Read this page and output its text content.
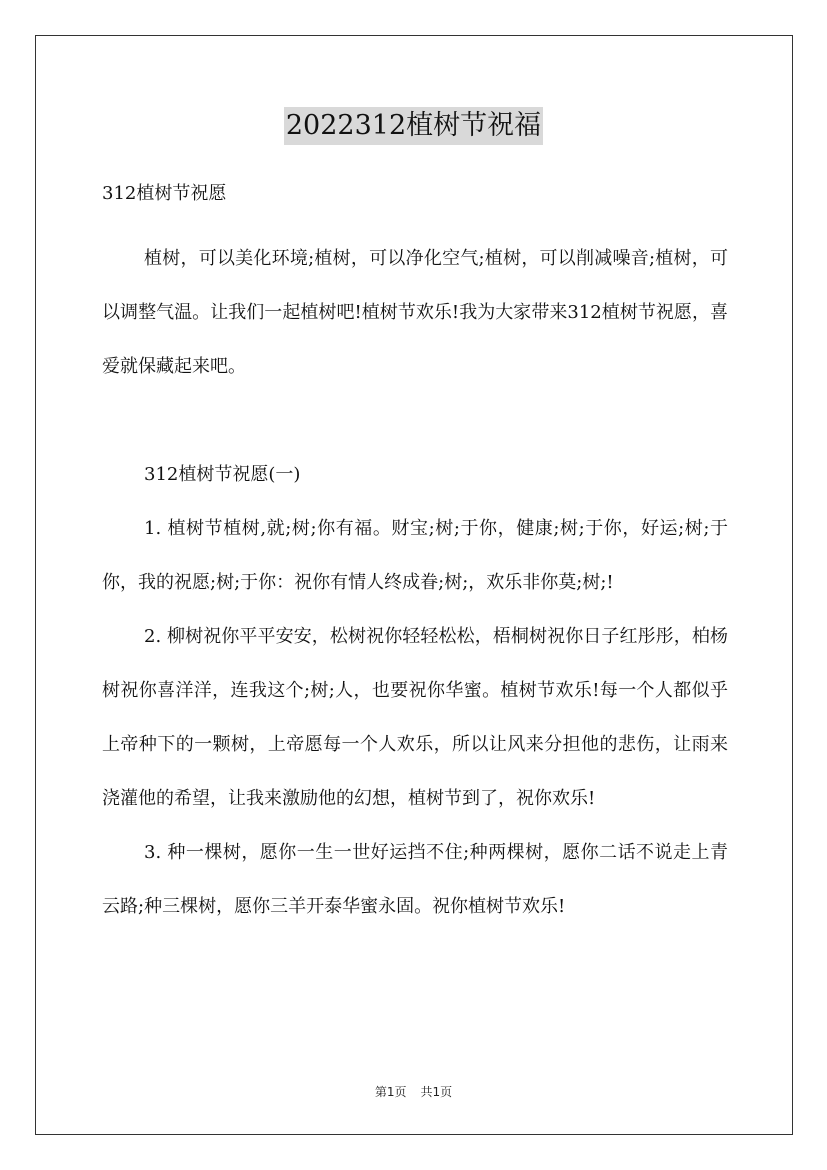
2022312植树节祝福

312植树节祝愿

植树，可以美化环境;植树，可以净化空气;植树，可以削减噪音;植树，可以调整气温。让我们一起植树吧!植树节欢乐!我为大家带来312植树节祝愿，喜爱就保藏起来吧。

312植树节祝愿(一)

1. 植树节植树,就;树;你有福。财宝;树;于你，健康;树;于你，好运;树;于你，我的祝愿;树;于你：祝你有情人终成眷;树;，欢乐非你莫;树;!

2. 柳树祝你平平安安，松树祝你轻轻松松，梧桐树祝你日子红彤彤，柏杨树祝你喜洋洋，连我这个;树;人，也要祝你华蜜。植树节欢乐!每一个人都似乎上帝种下的一颗树，上帝愿每一个人欢乐，所以让风来分担他的悲伤，让雨来浇灌他的希望，让我来激励他的幻想，植树节到了，祝你欢乐!

3. 种一棵树，愿你一生一世好运挡不住;种两棵树，愿你二话不说走上青云路;种三棵树，愿你三羊开泰华蜜永固。祝你植树节欢乐!

第1页 共1页
